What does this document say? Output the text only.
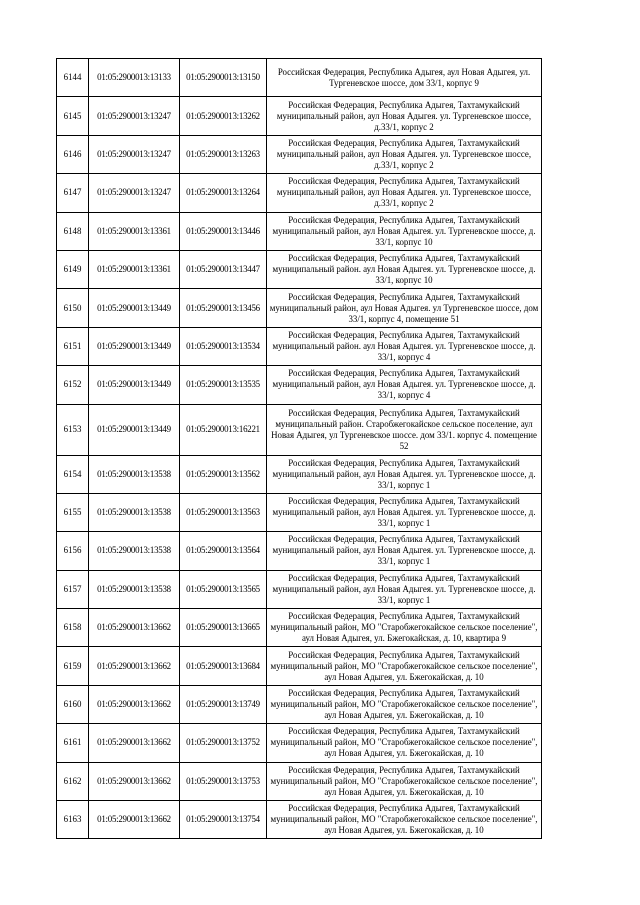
6144	01:05:2900013:13133	01:05:2900013:13150	Российская Федерация, Республика Адыгея, аул Новая Адыгея, ул. Тургеневское шоссе, дом 33/1, корпус 9
6145	01:05:2900013:13247	01:05:2900013:13262	Российская Федерация, Республика Адыгея, Тахтамукайский муниципальный район, аул Новая Адыгея. ул. Тургеневское шоссе, д.33/1, корпус 2
6146	01:05:2900013:13247	01:05:2900013:13263	Российская Федерация, Республика Адыгея, Тахтамукайский муниципальный район, аул Новая Адыгея. ул. Тургеневское шоссе, д.33/1, корпус 2
6147	01:05:2900013:13247	01:05:2900013:13264	Российская Федерация, Республика Адыгея, Тахтамукайский муниципальный район, аул Новая Адыгея. ул. Тургеневское шоссе, д.33/1, корпус 2
6148	01:05:2900013:13361	01:05:2900013:13446	Российская Федерация, Республика Адыгея, Тахтамукайский муниципальный район, аул Новая Адыгея. ул. Тургеневское шоссе, д. 33/1, корпус 10
6149	01:05:2900013:13361	01:05:2900013:13447	Российская Федерация, Республика Адыгея, Тахтамукайский муниципальный район. аул Новая Адыгея. ул. Тургеневское шоссе, д. 33/1, корпус 10
6150	01:05:2900013:13449	01:05:2900013:13456	Российская Федерация, Республика Адыгея, Тахтамукайский муниципальный район, аул Новая Адыгея. ул Тургеневское шоссе, дом 33/1, корпус 4, помещение 51
6151	01:05:2900013:13449	01:05:2900013:13534	Российская Федерация, Республика Адыгея, Тахтамукайский муниципальный район. аул Новая Адыгея. ул. Тургеневское шоссе, д. 33/1, корпус 4
6152	01:05:2900013:13449	01:05:2900013:13535	Российская Федерация, Республика Адыгея, Тахтамукайский муниципальный район, аул Новая Адыгея. ул. Тургеневское шоссе, д. 33/1, корпус 4
6153	01:05:2900013:13449	01:05:2900013:16221	Российская Федерация, Республика Адыгея, Тахтамукайский муниципальный район. Старобжегокайское сельское поселение, аул Новая Адыгея, ул Тургеневское шоссе. дом 33/1. корпус 4. помещение 52
6154	01:05:2900013:13538	01:05:2900013:13562	Российская Федерация, Республика Адыгея, Тахтамукайский муниципальный район, аул Новая Адыгея. ул. Тургеневское шоссе, д. 33/1, корпус 1
6155	01:05:2900013:13538	01:05:2900013:13563	Российская Федерация, Республика Адыгея, Тахтамукайский муниципальный район, аул Новая Адыгея. ул. Тургеневское шоссе, д. 33/1, корпус 1
6156	01:05:2900013:13538	01:05:2900013:13564	Российская Федерация, Республика Адыгея, Тахтамукайский муниципальный район, аул Новая Адыгея. ул. Тургеневское шоссе, д. 33/1, корпус 1
6157	01:05:2900013:13538	01:05:2900013:13565	Российская Федерация, Республика Адыгея, Тахтамукайский муниципальный район, аул Новая Адыгея. ул. Тургеневское шоссе, д. 33/1, корпус 1
6158	01:05:2900013:13662	01:05:2900013:13665	Российская Федерация, Республика Адыгея, Тахтамукайский муниципальный район, МО "Старобжегокайское сельское поселение", аул Новая Адыгея, ул. Бжегокайская, д. 10, квартира 9
6159	01:05:2900013:13662	01:05:2900013:13684	Российская Федерация, Республика Адыгея, Тахтамукайский муниципальный район, МО "Старобжегокайское сельское поселение", аул Новая Адыгея, ул. Бжегокайская, д. 10
6160	01:05:2900013:13662	01:05:2900013:13749	Российская Федерация, Республика Адыгея, Тахтамукайский муниципальный район, МО "Старобжегокайское сельское поселение", аул Новая Адыгея, ул. Бжегокайская, д. 10
6161	01:05:2900013:13662	01:05:2900013:13752	Российская Федерация, Республика Адыгея, Тахтамукайский муниципальный район, МО "Старобжегокайское сельское поселение", аул Новая Адыгея, ул. Бжегокайская, д. 10
6162	01:05:2900013:13662	01:05:2900013:13753	Российская Федерация, Республика Адыгея, Тахтамукайский муниципальный район, МО "Старобжегокайское сельское поселение", аул Новая Адыгея, ул. Бжегокайская, д. 10
6163	01:05:2900013:13662	01:05:2900013:13754	Российская Федерация, Республика Адыгея, Тахтамукайский муниципальный район, МО "Старобжегокайское сельское поселение", аул Новая Адыгея, ул. Бжегокайская, д. 10
